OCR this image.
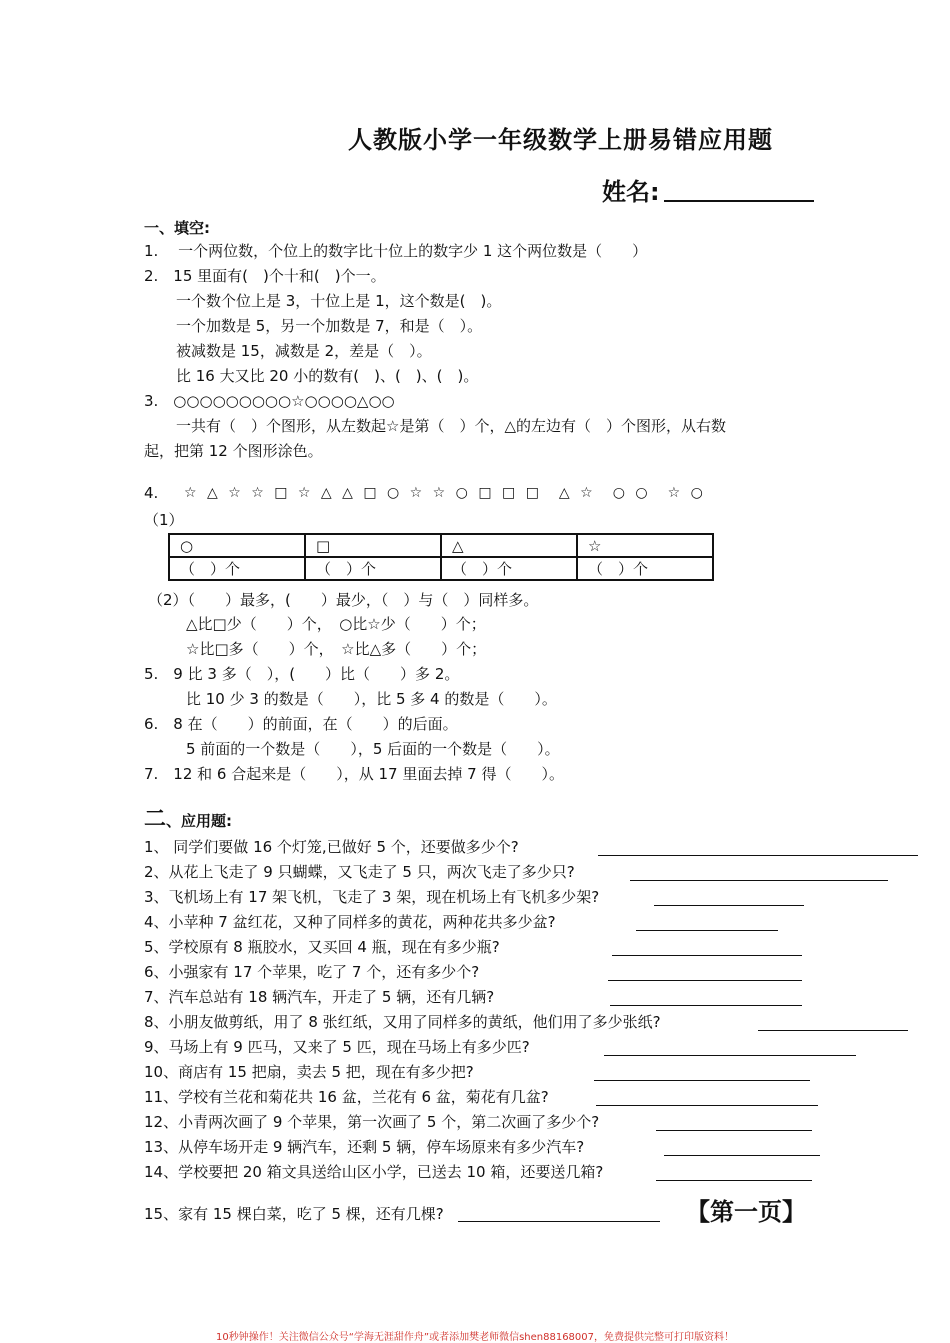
人教版小学一年级数学上册易错应用题
姓名:
一、填空:
1.　 一个两位数，个位上的数字比十位上的数字少 1 这个两位数是（　　）
2.　15 里面有(　)个十和(　)个一。
一个数个位上是 3，十位上是 1，这个数是(　)。
一个加数是 5，另一个加数是 7，和是（　）。
被减数是 15，减数是 2，差是（　）。
比 16 大又比 20 小的数有(　)、(　)、(　)。
3.　○○○○○○○○○☆○○○○△○○
一共有（　）个图形，从左数起☆是第（　）个，△的左边有（　）个图形，从右数
起，把第 12 个图形涂色。
4. ☆ △ ☆ ☆ □ ☆ △ △ □ ○ ☆ ☆ ○ □ □ □　△ ☆　○ ○　☆ ○
（1）
○	□	△	☆
（　）个	（　）个	（　）个	（　）个
（2）（　　）最多，(　　）最少，（　）与（　）同样多。
△比□少（　　）个，　○比☆少（　　）个；
☆比□多（　　）个，　☆比△多（　　）个；
5.　9 比 3 多（　），(　　）比（　　）多 2。
比 10 少 3 的数是（　　），比 5 多 4 的数是（　　）。
6.　8 在（　　）的前面，在（　　）的后面。
5 前面的一个数是（　　），5 后面的一个数是（　　）。
7.　12 和 6 合起来是（　　），从 17 里面去掉 7 得（　　）。
二、应用题:
1、 同学们要做 16 个灯笼,已做好 5 个，还要做多少个?
2、从花上飞走了 9 只蝴蝶，又飞走了 5 只，两次飞走了多少只?
3、飞机场上有 17 架飞机，飞走了 3 架，现在机场上有飞机多少架?
4、小苹种 7 盆红花，又种了同样多的黄花，两种花共多少盆?
5、学校原有 8 瓶胶水，又买回 4 瓶，现在有多少瓶?
6、小强家有 17 个苹果，吃了 7 个，还有多少个?
7、汽车总站有 18 辆汽车，开走了 5 辆，还有几辆?
8、小朋友做剪纸，用了 8 张红纸，又用了同样多的黄纸，他们用了多少张纸?
9、马场上有 9 匹马，又来了 5 匹，现在马场上有多少匹?
10、商店有 15 把扇，卖去 5 把，现在有多少把?
11、学校有兰花和菊花共 16 盆，兰花有 6 盆，菊花有几盆?
12、小青两次画了 9 个苹果，第一次画了 5 个，第二次画了多少个?
13、从停车场开走 9 辆汽车，还剩 5 辆，停车场原来有多少汽车?
14、学校要把 20 箱文具送给山区小学，已送去 10 箱，还要送几箱?
15、家有 15 棵白菜，吃了 5 棵，还有几棵?	【第一页】
10秒钟操作！关注微信公众号“学海无涯甜作舟”或者添加樊老师微信shen88168007，免费提供完整可打印版资料！
